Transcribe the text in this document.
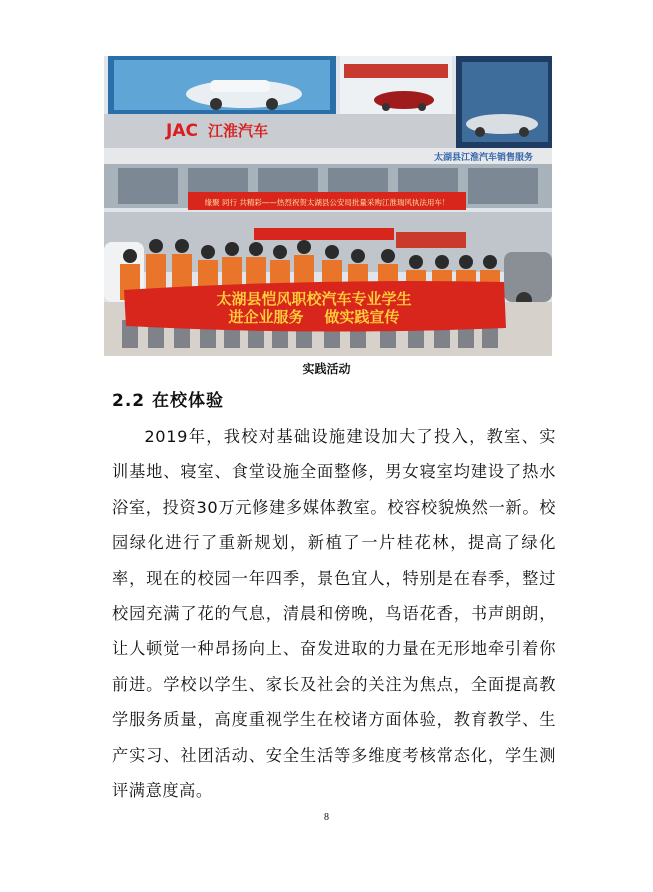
JAC 江淮汽车
太湖县江淮汽车销售服务
缘聚 同行 共精彩——热烈祝贺太湖县公安局批量采购江淮瑞风执法用车！
太湖县恺风职校汽车专业学生
进企业服务    做实践宣传
实践活动
2.2 在校体验

2019年，我校对基础设施建设加大了投入，教室、实训基地、寝室、食堂设施全面整修，男女寝室均建设了热水浴室，投资30万元修建多媒体教室。校容校貌焕然一新。校园绿化进行了重新规划，新植了一片桂花林，提高了绿化率，现在的校园一年四季，景色宜人，特别是在春季，整过校园充满了花的气息，清晨和傍晚，鸟语花香，书声朗朗，让人顿觉一种昂扬向上、奋发进取的力量在无形地牵引着你前进。学校以学生、家长及社会的关注为焦点，全面提高教学服务质量，高度重视学生在校诸方面体验，教育教学、生产实习、社团活动、安全生活等多维度考核常态化，学生测评满意度高。

8
